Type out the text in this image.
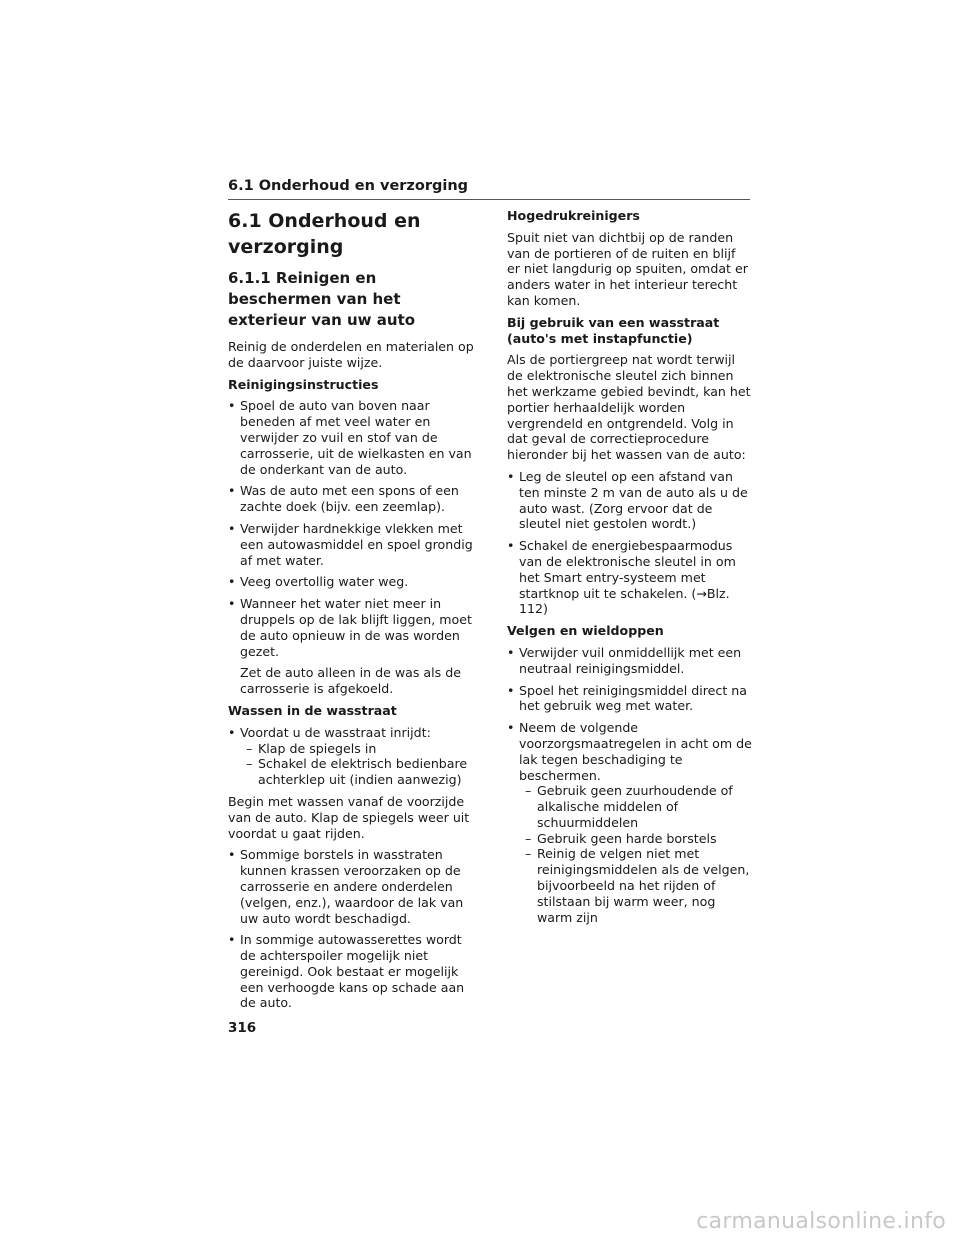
6.1 Onderhoud en verzorging
6.1 Onderhoud en verzorging
6.1.1 Reinigen en beschermen van het exterieur van uw auto

Reinig de onderdelen en materialen op de daarvoor juiste wijze.

Reinigingsinstructies
• Spoel de auto van boven naar beneden af met veel water en verwijder zo vuil en stof van de carrosserie, uit de wielkasten en van de onderkant van de auto.
• Was de auto met een spons of een zachte doek (bijv. een zeemlap).
• Verwijder hardnekkige vlekken met een autowasmiddel en spoel grondig af met water.
• Veeg overtollig water weg.
• Wanneer het water niet meer in druppels op de lak blijft liggen, moet de auto opnieuw in de was worden gezet.
Zet de auto alleen in de was als de carrosserie is afgekoeld.
Wassen in de wasstraat
• Voordat u de wasstraat inrijdt:
– Klap de spiegels in
– Schakel de elektrisch bedienbare achterklep uit (indien aanwezig)

Begin met wassen vanaf de voorzijde van de auto. Klap de spiegels weer uit voordat u gaat rijden.

• Sommige borstels in wasstraten kunnen krassen veroorzaken op de carrosserie en andere onderdelen (velgen, enz.), waardoor de lak van uw auto wordt beschadigd.
• In sommige autowasserettes wordt de achterspoiler mogelijk niet gereinigd. Ook bestaat er mogelijk een verhoogde kans op schade aan de auto.
Hogedrukreinigers

Spuit niet van dichtbij op de randen van de portieren of de ruiten en blijf er niet langdurig op spuiten, omdat er anders water in het interieur terecht kan komen.

Bij gebruik van een wasstraat (auto's met instapfunctie)

Als de portiergreep nat wordt terwijl de elektronische sleutel zich binnen het werkzame gebied bevindt, kan het portier herhaaldelijk worden vergrendeld en ontgrendeld. Volg in dat geval de correctieprocedure hieronder bij het wassen van de auto:

• Leg de sleutel op een afstand van ten minste 2 m van de auto als u de auto wast. (Zorg ervoor dat de sleutel niet gestolen wordt.)
• Schakel de energiebespaarmodus van de elektronische sleutel in om het Smart entry-systeem met startknop uit te schakelen. (→Blz. 112)
Velgen en wieldoppen
• Verwijder vuil onmiddellijk met een neutraal reinigingsmiddel.
• Spoel het reinigingsmiddel direct na het gebruik weg met water.
• Neem de volgende voorzorgsmaatregelen in acht om de lak tegen beschadiging te beschermen.
– Gebruik geen zuurhoudende of alkalische middelen of schuurmiddelen
– Gebruik geen harde borstels
– Reinig de velgen niet met reinigingsmiddelen als de velgen, bijvoorbeeld na het rijden of stilstaan bij warm weer, nog warm zijn
316
carmanualsonline.info
